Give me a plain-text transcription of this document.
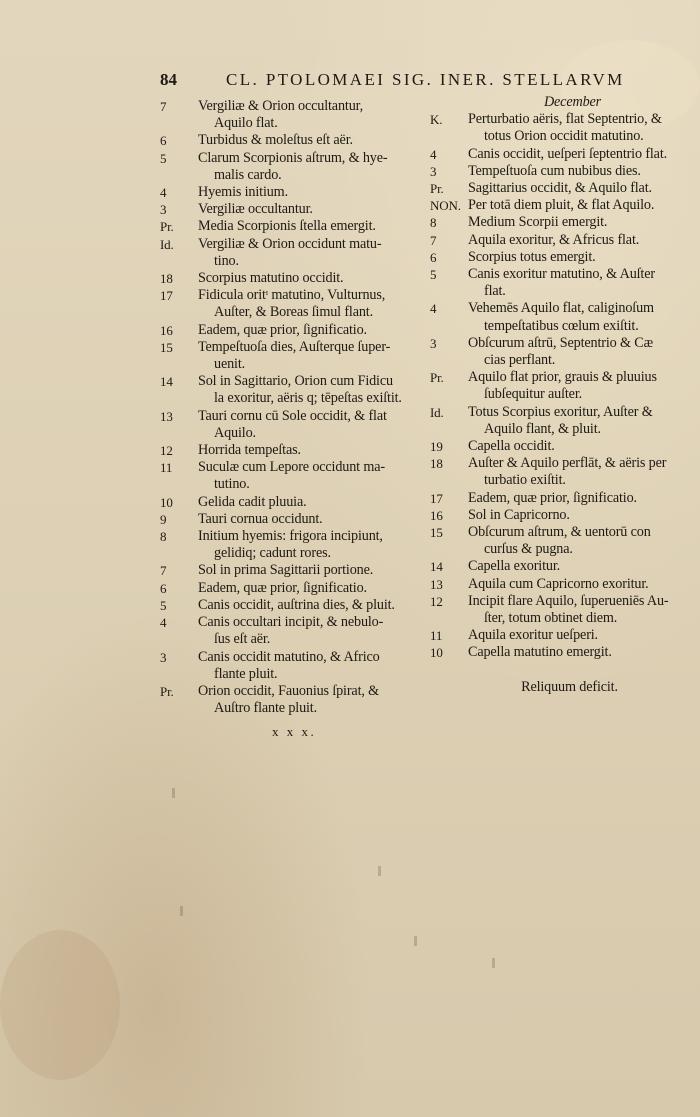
84	CL. PTOLOMAEI SIG. INER. STELLARVM
7	Vergiliæ & Orion occultantur,
Aquilo flat.
6	Turbidus & moleſtus eſt aër.
5	Clarum Scorpionis aſtrum, & hye-
malis cardo.
4	Hyemis initium.
3	Vergiliæ occultantur.
Pr.	Media Scorpionis ſtella emergit.
Id.	Vergiliæ & Orion occidunt matu-
tino.
18	Scorpius matutino occidit.
17	Fidicula oritᶦ matutino, Vulturnus,
Auſter, & Boreas ſimul flant.
16	Eadem, quæ prior, ſignificatio.
15	Tempeſtuoſa dies, Auſterque ſuper-
uenit.
14	Sol in Sagittario, Orion cum Fidicu
la exoritur, aëris q; tēpeſtas exiſtit.
13	Tauri cornu cū Sole occidit, & flat
Aquilo.
12	Horrida tempeſtas.
11	Suculæ cum Lepore occidunt ma-
tutino.
10	Gelida cadit pluuia.
9	Tauri cornua occidunt.
8	Initium hyemis: frigora incipiunt,
gelidiq; cadunt rores.
7	Sol in prima Sagittarii portione.
6	Eadem, quæ prior, ſignificatio.
5	Canis occidit, auſtrina dies, & pluit.
4	Canis occultari incipit, & nebulo-
ſus eſt aër.
3	Canis occidit matutino, & Africo
flante pluit.
Pr.	Orion occidit, Fauonius ſpirat, &
Auſtro flante pluit.
December
K.	Perturbatio aëris, flat Septentrio, &
totus Orion occidit matutino.
4	Canis occidit, ueſperi ſeptentrio flat.
3	Tempeſtuoſa cum nubibus dies.
Pr.	Sagittarius occidit, & Aquilo flat.
NON. Per totā diem pluit, & flat Aquilo.
8	Medium Scorpii emergit.
7	Aquila exoritur, & Africus flat.
6	Scorpius totus emergit.
5	Canis exoritur matutino, & Auſter
flat.
4	Vehemēs Aquilo flat, caliginoſum
tempeſtatibus cœlum exiſtit.
3	Obſcurum aſtrū, Septentrio & Cæ
cias perflant.
Pr.	Aquilo flat prior, grauis & pluuius
ſubſequitur auſter.
Id.	Totus Scorpius exoritur, Auſter &
Aquilo flant, & pluit.
19	Capella occidit.
18	Auſter & Aquilo perflāt, & aëris per
turbatio exiſtit.
17	Eadem, quæ prior, ſignificatio.
16	Sol in Capricorno.
15	Obſcurum aſtrum, & uentorū con
curſus & pugna.
14	Capella exoritur.
13	Aquila cum Capricorno exoritur.
12	Incipit flare Aquilo, ſuperueniēs Au-
ſter, totum obtinet diem.
11	Aquila exoritur ueſperi.
10	Capella matutino emergit.
Reliquum deficit.
x x x.
